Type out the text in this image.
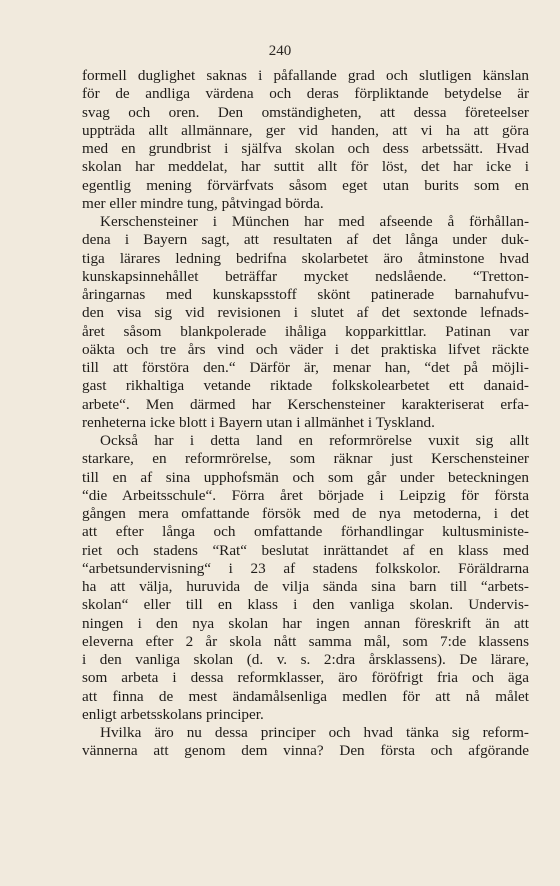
240
formell duglighet saknas i påfallande grad och slutligen känslan
för de andliga värdena och deras förpliktande betydelse är
svag och oren. Den omständigheten, att dessa företeelser
uppträda allt allmännare, ger vid handen, att vi ha att göra
med en grundbrist i själfva skolan och dess arbetssätt. Hvad
skolan har meddelat, har suttit allt för löst, det har icke i
egentlig mening förvärfvats såsom eget utan burits som en
mer eller mindre tung, påtvingad börda.
Kerschensteiner i München har med afseende å förhållan-
dena i Bayern sagt, att resultaten af det långa under duk-
tiga lärares ledning bedrifna skolarbetet äro åtminstone hvad
kunskapsinnehållet beträffar mycket nedslående. “Tretton-
åringarnas med kunskapsstoff skönt patinerade barnahufvu-
den visa sig vid revisionen i slutet af det sextonde lefnads-
året såsom blankpolerade ihåliga kopparkittlar. Patinan var
oäkta och tre års vind och väder i det praktiska lifvet räckte
till att förstöra den.“ Därför är, menar han, “det på möjli-
gast rikhaltiga vetande riktade folkskolearbetet ett danaid-
arbete“. Men därmed har Kerschensteiner karakteriserat erfa-
renheterna icke blott i Bayern utan i allmänhet i Tyskland.
Också har i detta land en reformrörelse vuxit sig allt
starkare, en reformrörelse, som räknar just Kerschensteiner
till en af sina upphofsmän och som går under beteckningen
“die Arbeitsschule“. Förra året började i Leipzig för första
gången mera omfattande försök med de nya metoderna, i det
att efter långa och omfattande förhandlingar kultusministe-
riet och stadens “Rat“ beslutat inrättandet af en klass med
“arbetsundervisning“ i 23 af stadens folkskolor. Föräldrarna
ha att välja, huruvida de vilja sända sina barn till “arbets-
skolan“ eller till en klass i den vanliga skolan. Undervis-
ningen i den nya skolan har ingen annan föreskrift än att
eleverna efter 2 år skola nått samma mål, som 7:de klassens
i den vanliga skolan (d. v. s. 2:dra årsklassens). De lärare,
som arbeta i dessa reformklasser, äro föröfrigt fria och äga
att finna de mest ändamålsenliga medlen för att nå målet
enligt arbetsskolans principer.
Hvilka äro nu dessa principer och hvad tänka sig reform-
vännerna att genom dem vinna? Den första och afgörande
